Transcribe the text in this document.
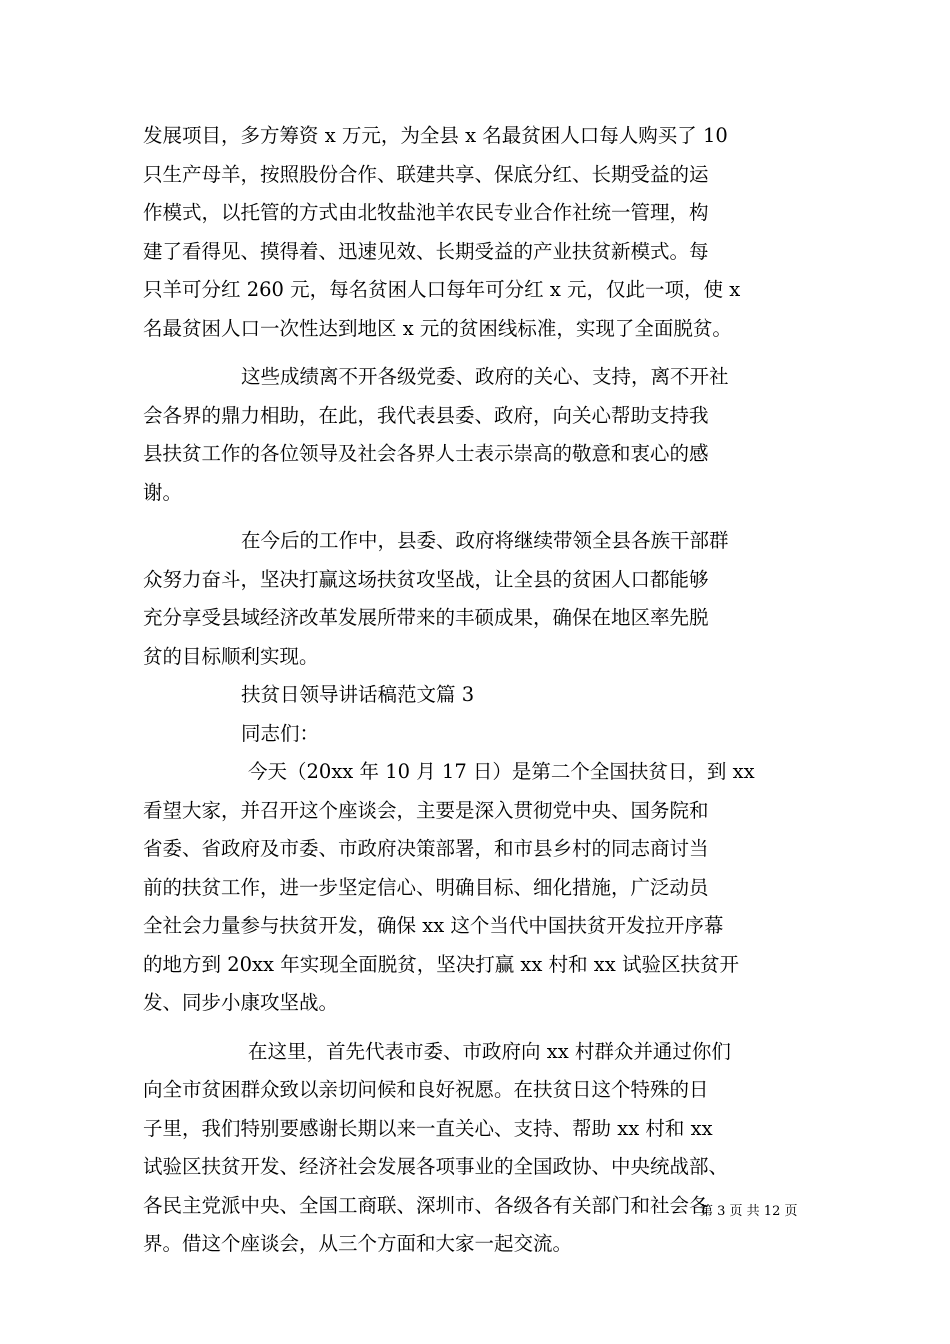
发展项目，多方筹资 x 万元，为全县 x 名最贫困人口每人购买了 10
只生产母羊，按照股份合作、联建共享、保底分红、长期受益的运
作模式，以托管的方式由北牧盐池羊农民专业合作社统一管理，构
建了看得见、摸得着、迅速见效、长期受益的产业扶贫新模式。每
只羊可分红 260 元，每名贫困人口每年可分红 x 元，仅此一项，使 x
名最贫困人口一次性达到地区 x 元的贫困线标准，实现了全面脱贫。
这些成绩离不开各级党委、政府的关心、支持，离不开社
会各界的鼎力相助，在此，我代表县委、政府，向关心帮助支持我
县扶贫工作的各位领导及社会各界人士表示崇高的敬意和衷心的感
谢。
在今后的工作中，县委、政府将继续带领全县各族干部群
众努力奋斗，坚决打赢这场扶贫攻坚战，让全县的贫困人口都能够
充分享受县域经济改革发展所带来的丰硕成果，确保在地区率先脱
贫的目标顺利实现。
扶贫日领导讲话稿范文篇 3
同志们：
今天（20xx 年 10 月 17 日）是第二个全国扶贫日，到 xx
看望大家，并召开这个座谈会，主要是深入贯彻党中央、国务院和
省委、省政府及市委、市政府决策部署，和市县乡村的同志商讨当
前的扶贫工作，进一步坚定信心、明确目标、细化措施，广泛动员
全社会力量参与扶贫开发，确保 xx 这个当代中国扶贫开发拉开序幕
的地方到 20xx 年实现全面脱贫，坚决打赢 xx 村和 xx 试验区扶贫开
发、同步小康攻坚战。
在这里，首先代表市委、市政府向 xx 村群众并通过你们
向全市贫困群众致以亲切问候和良好祝愿。在扶贫日这个特殊的日
子里，我们特别要感谢长期以来一直关心、支持、帮助 xx 村和 xx
试验区扶贫开发、经济社会发展各项事业的全国政协、中央统战部、
各民主党派中央、全国工商联、深圳市、各级各有关部门和社会各
界。借这个座谈会，从三个方面和大家一起交流。
第 3 页 共 12 页
